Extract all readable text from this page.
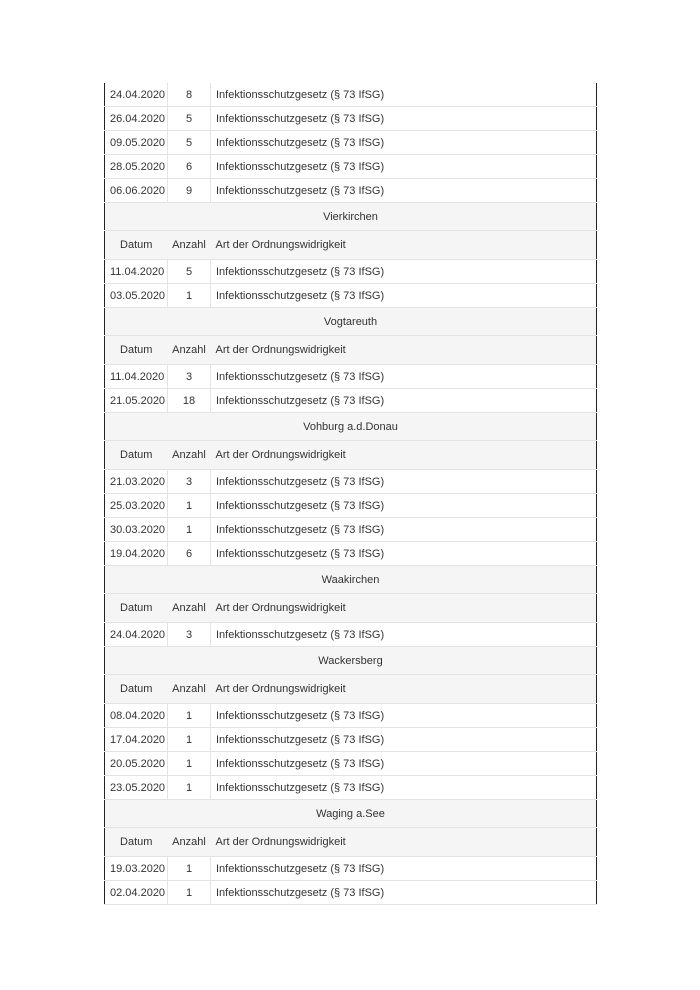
24.04.2020	8	Infektionsschutzgesetz (§ 73 IfSG)
26.04.2020	5	Infektionsschutzgesetz (§ 73 IfSG)
09.05.2020	5	Infektionsschutzgesetz (§ 73 IfSG)
28.05.2020	6	Infektionsschutzgesetz (§ 73 IfSG)
06.06.2020	9	Infektionsschutzgesetz (§ 73 IfSG)
Vierkirchen		
Datum	Anzahl	Art der Ordnungswidrigkeit
11.04.2020	5	Infektionsschutzgesetz (§ 73 IfSG)
03.05.2020	1	Infektionsschutzgesetz (§ 73 IfSG)
Vogtareuth		
Datum	Anzahl	Art der Ordnungswidrigkeit
11.04.2020	3	Infektionsschutzgesetz (§ 73 IfSG)
21.05.2020	18	Infektionsschutzgesetz (§ 73 IfSG)
Vohburg a.d.Donau		
Datum	Anzahl	Art der Ordnungswidrigkeit
21.03.2020	3	Infektionsschutzgesetz (§ 73 IfSG)
25.03.2020	1	Infektionsschutzgesetz (§ 73 IfSG)
30.03.2020	1	Infektionsschutzgesetz (§ 73 IfSG)
19.04.2020	6	Infektionsschutzgesetz (§ 73 IfSG)
Waakirchen		
Datum	Anzahl	Art der Ordnungswidrigkeit
24.04.2020	3	Infektionsschutzgesetz (§ 73 IfSG)
Wackersberg		
Datum	Anzahl	Art der Ordnungswidrigkeit
08.04.2020	1	Infektionsschutzgesetz (§ 73 IfSG)
17.04.2020	1	Infektionsschutzgesetz (§ 73 IfSG)
20.05.2020	1	Infektionsschutzgesetz (§ 73 IfSG)
23.05.2020	1	Infektionsschutzgesetz (§ 73 IfSG)
Waging a.See		
Datum	Anzahl	Art der Ordnungswidrigkeit
19.03.2020	1	Infektionsschutzgesetz (§ 73 IfSG)
02.04.2020	1	Infektionsschutzgesetz (§ 73 IfSG)
